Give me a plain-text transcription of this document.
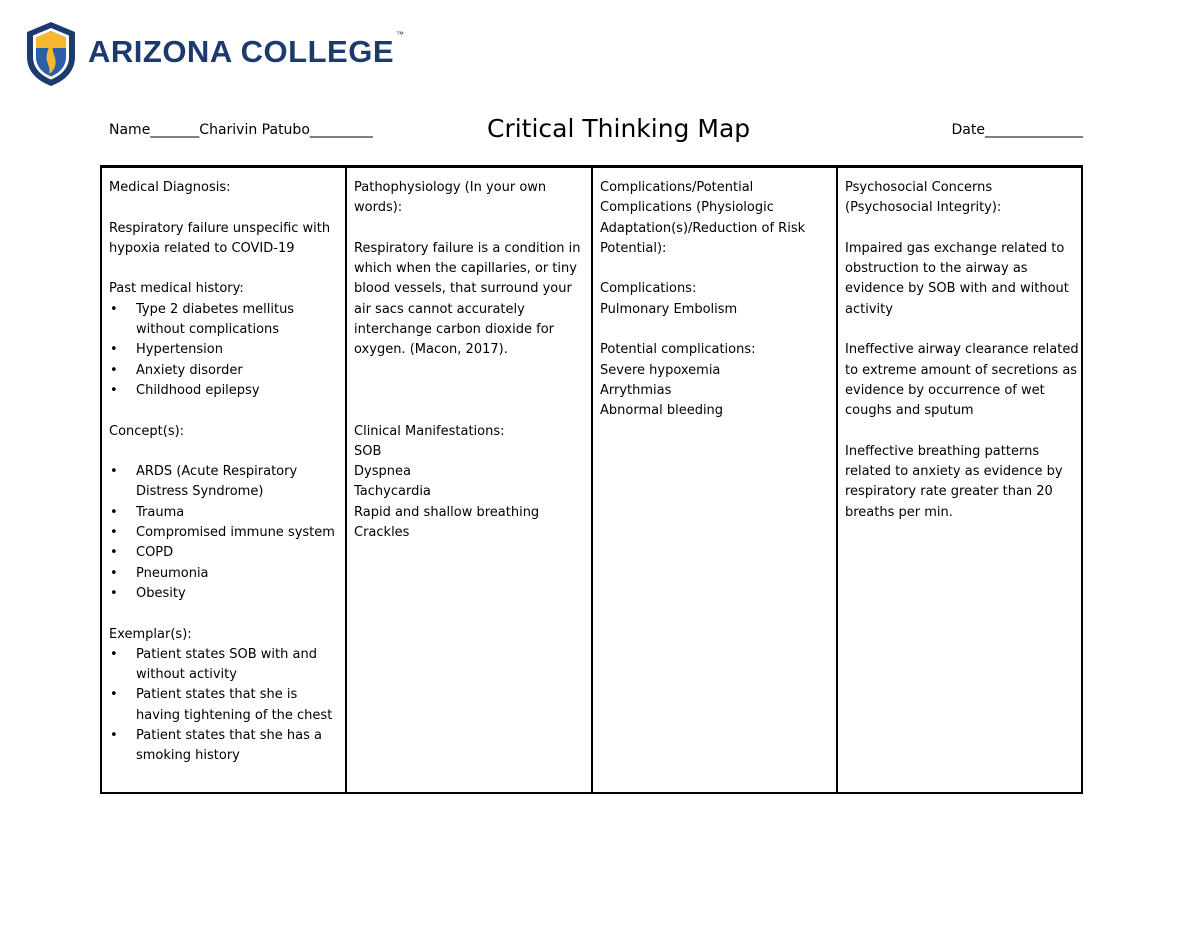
ARIZONA COLLEGE ™
Name_______Charivin Patubo_________	Critical Thinking Map	Date______________

Medical Diagnosis:

Respiratory failure unspecific with hypoxia related to COVID-19

Past medical history:

• Type 2 diabetes mellitus without complications
• Hypertension
• Anxiety disorder
• Childhood epilepsy

Concept(s):

• ARDS (Acute Respiratory Distress Syndrome)
• Trauma
• Compromised immune system
• COPD
• Pneumonia
• Obesity

Exemplar(s):

• Patient states SOB with and without activity
• Patient states that she is having tightening of the chest
• Patient states that she has a smoking history

Pathophysiology (In your own words):

Respiratory failure is a condition in which when the capillaries, or tiny blood vessels, that surround your air sacs cannot accurately interchange carbon dioxide for oxygen. (Macon, 2017).

Clinical Manifestations:

SOB

Dyspnea

Tachycardia

Rapid and shallow breathing

Crackles

Complications/Potential Complications (Physiologic Adaptation(s)/Reduction of Risk Potential):

Complications:

Pulmonary Embolism

Potential complications:

Severe hypoxemia

Arrythmias

Abnormal bleeding

Psychosocial Concerns (Psychosocial Integrity):

Impaired gas exchange related to obstruction to the airway as evidence by SOB with and without activity

Ineffective airway clearance related to extreme amount of secretions as evidence by occurrence of wet coughs and sputum

Ineffective breathing patterns related to anxiety as evidence by respiratory rate greater than 20 breaths per min.
